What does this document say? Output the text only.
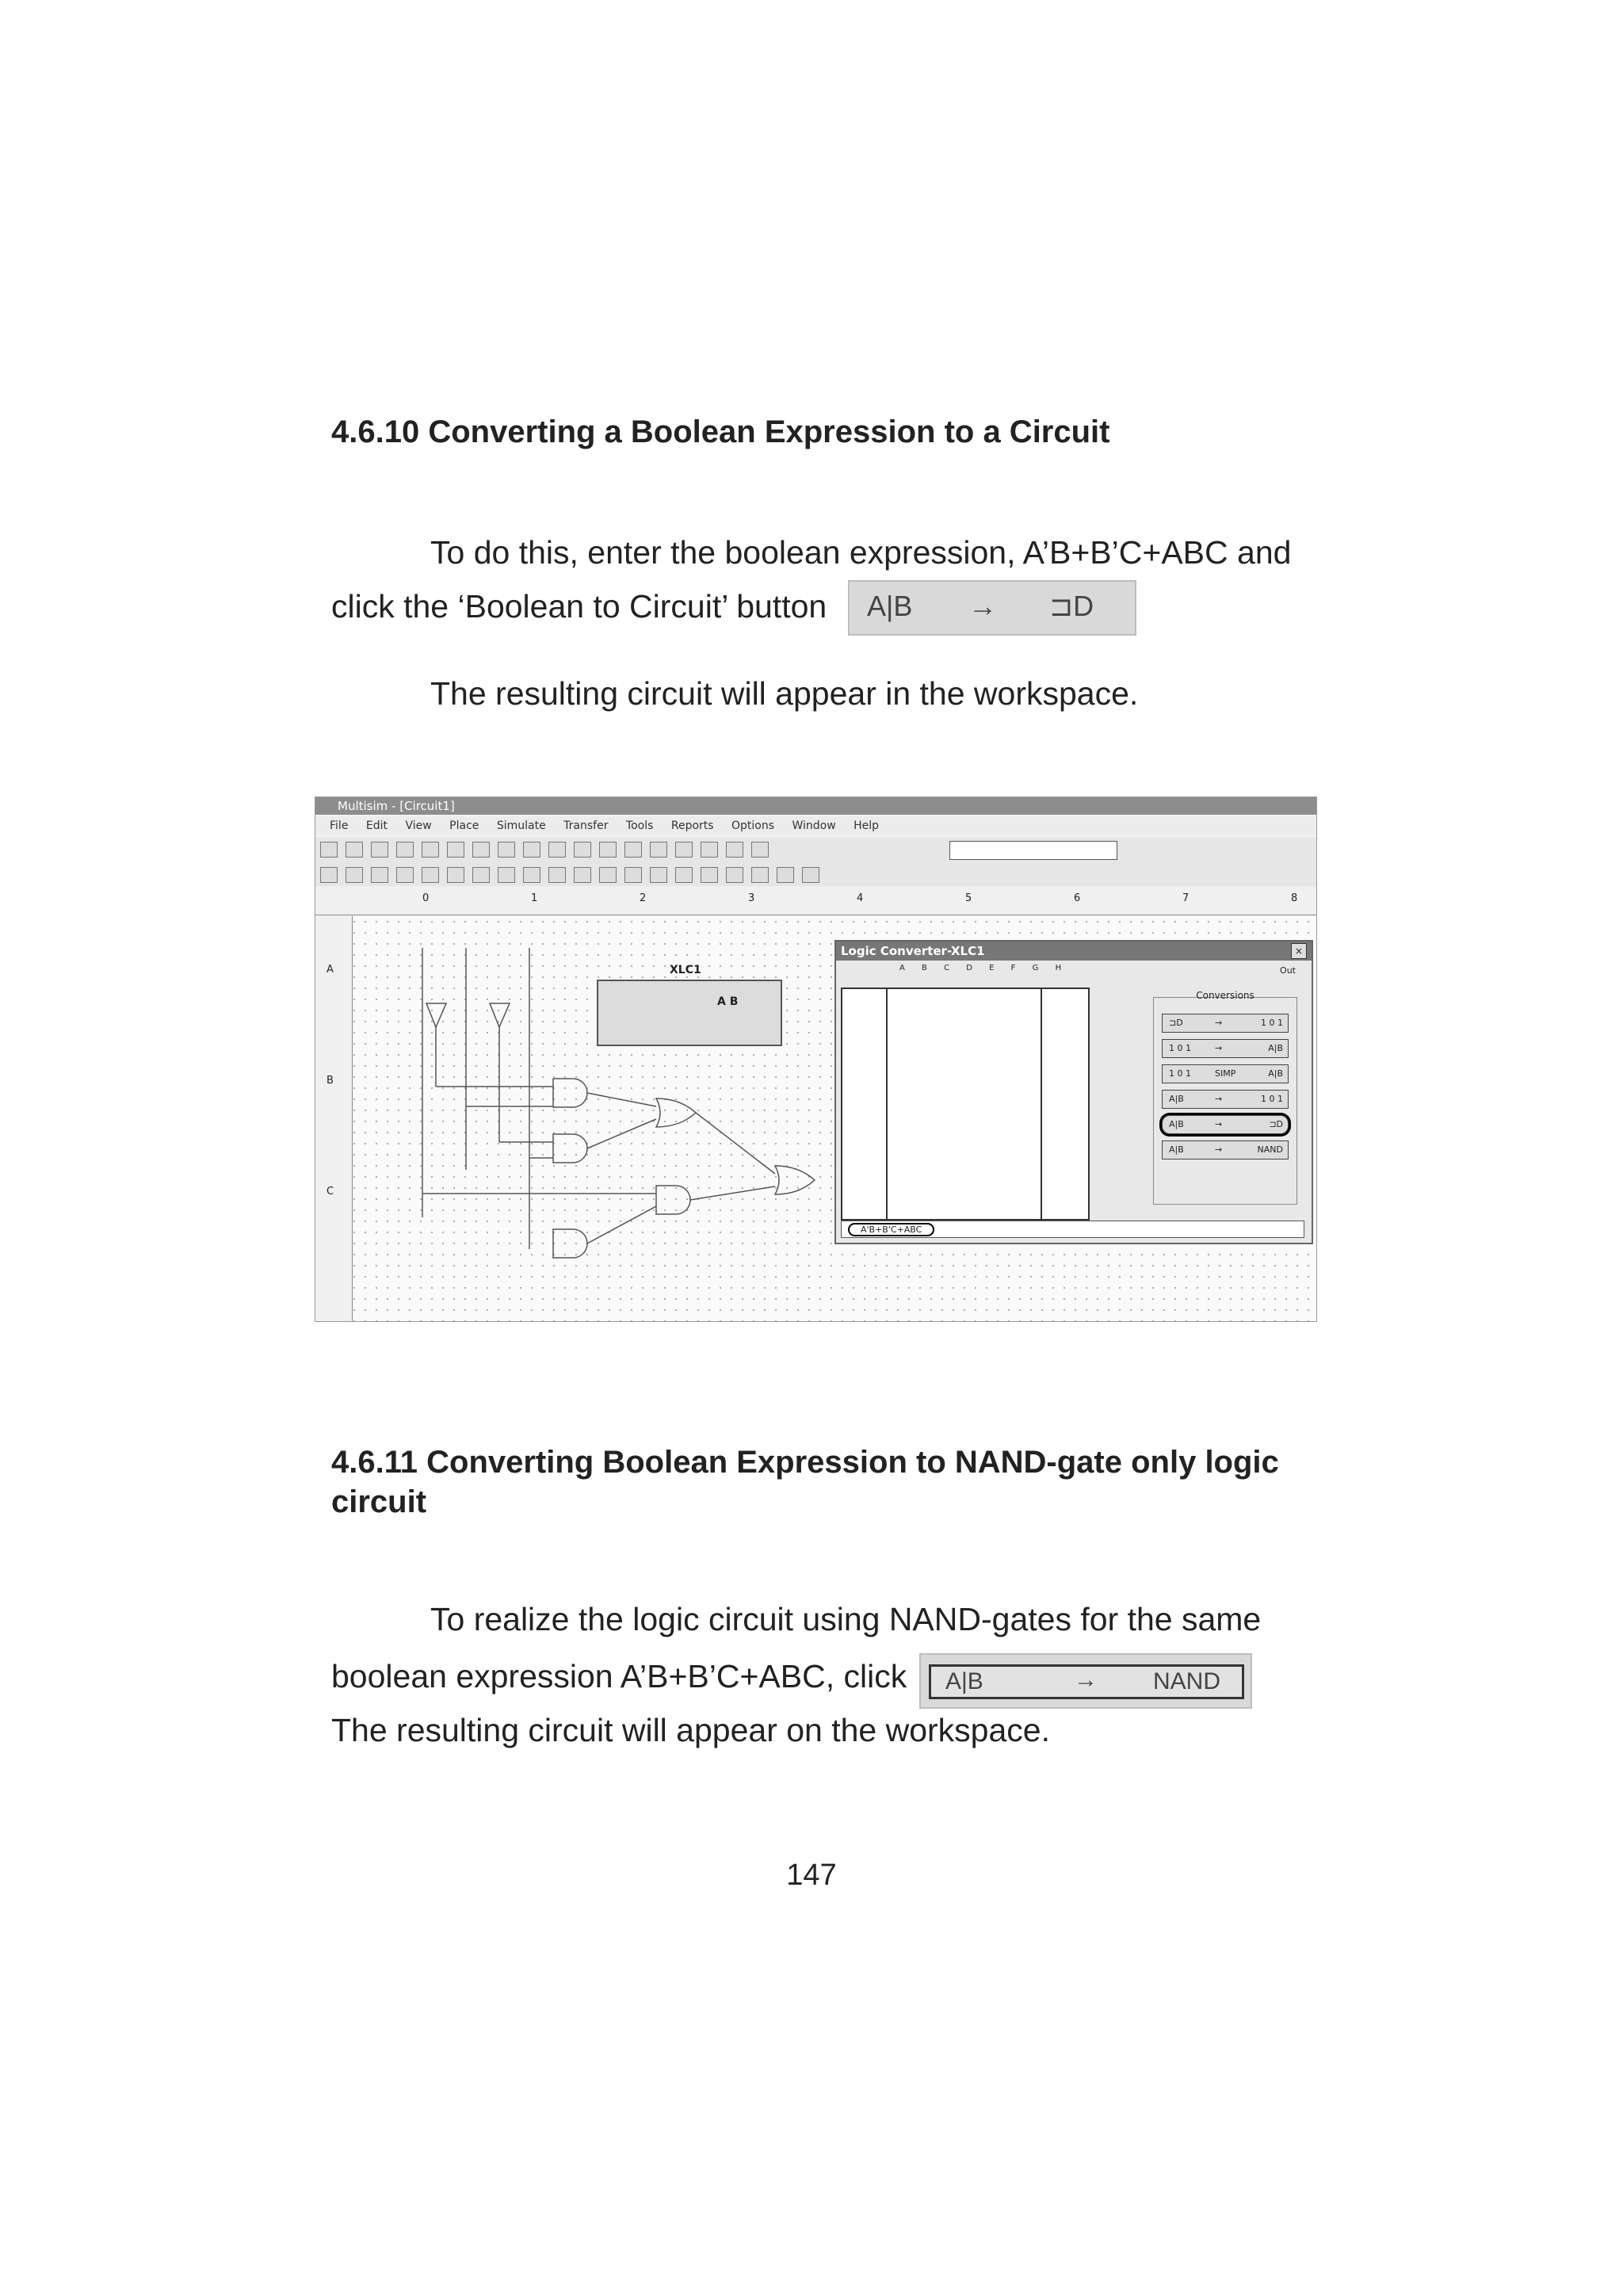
4.6.10 Converting a Boolean Expression to a Circuit
To do this, enter the boolean expression, A’B+B’C+ABC and
click the ‘Boolean to Circuit’ button A|B → ⊐D
The resulting circuit will appear in the workspace.
Multisim - [Circuit1]
File Edit View Place Simulate Transfer Tools Reports Options Window Help
0	1	2	3	4	5	6	7	8
XLC1
A B
Logic Converter-XLC1	×
A B C D E F G H	Out
Conversions
⊐D	→	1 0 1
1 0 1	→	A|B
1 0 1	SIMP	A|B
A|B	→	1 0 1
A|B	→	⊐D
A|B	→	NAND
A'B+B'C+ABC
A
B
C
4.6.11 Converting Boolean Expression to NAND-gate only logic
circuit
To realize the logic circuit using NAND-gates for the same
boolean expression A’B+B’C+ABC, click A|B	→ NAND
The resulting circuit will appear on the workspace.
147
